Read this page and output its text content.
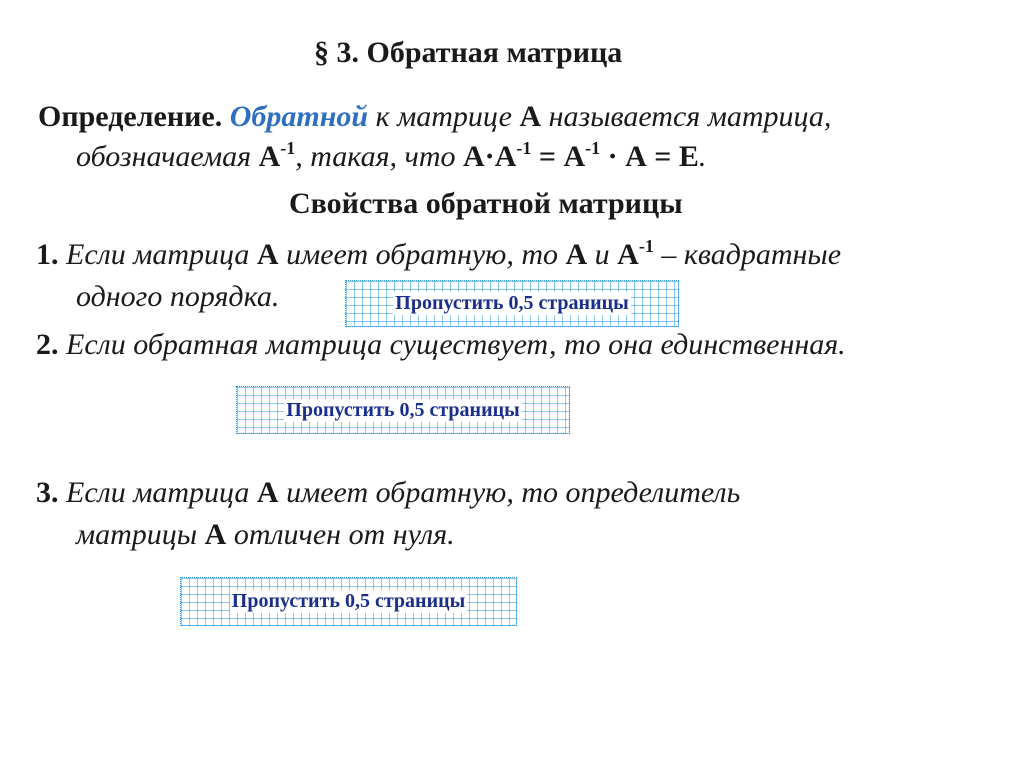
§ 3. Обратная матрица
Определение. Обратной к матрице А называется матрица,
обозначаемая $А^{-1}$, такая, что $А\cdot А^{-1} = А^{-1} \cdot А = Е$.
Свойства обратной матрицы
1. Если матрица А имеет обратную, то А и $А^{-1}$ – квадратные
одного порядка.	Пропустить 0,5 страницы
2. Если обратная матрица существует, то она единственная.
Пропустить 0,5 страницы
3. Если матрица А имеет обратную, то определитель
матрицы А отличен от нуля.
Пропустить 0,5 страницы
